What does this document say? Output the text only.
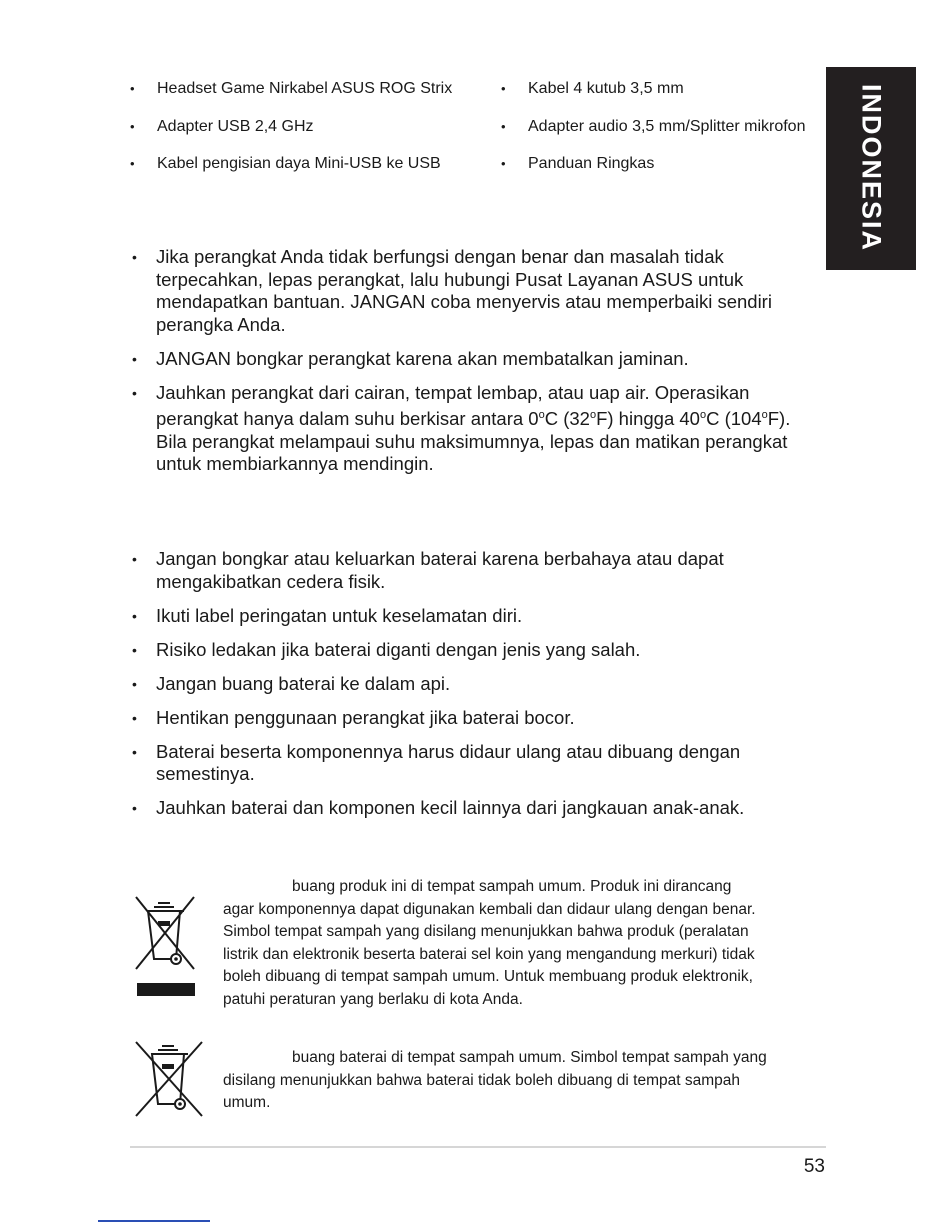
INDONESIA
• Headset Game Nirkabel ASUS ROG Strix
• Adapter USB 2,4 GHz
• Kabel pengisian daya Mini-USB ke USB
• Kabel 4 kutub 3,5 mm
• Adapter audio 3,5 mm/Splitter mikrofon
• Panduan Ringkas
• Jika perangkat Anda tidak berfungsi dengan benar dan masalah tidak terpecahkan, lepas perangkat, lalu hubungi Pusat Layanan ASUS untuk mendapatkan bantuan. JANGAN coba menyervis atau memperbaiki sendiri perangka Anda.
• JANGAN bongkar perangkat karena akan membatalkan jaminan.
• Jauhkan perangkat dari cairan, tempat lembap, atau uap air. Operasikan perangkat hanya dalam suhu berkisar antara 0$^o$C (32$^o$F) hingga 40$^o$C (104$^o$F). Bila perangkat melampaui suhu maksimumnya, lepas dan matikan perangkat untuk membiarkannya mendingin.
• Jangan bongkar atau keluarkan baterai karena berbahaya atau dapat mengakibatkan cedera fisik.
• Ikuti label peringatan untuk keselamatan diri.
• Risiko ledakan jika baterai diganti dengan jenis yang salah.
• Jangan buang baterai ke dalam api.
• Hentikan penggunaan perangkat jika baterai bocor.
• Baterai beserta komponennya harus didaur ulang atau dibuang dengan semestinya.
• Jauhkan baterai dan komponen kecil lainnya dari jangkauan anak-anak.
buang produk ini di tempat sampah umum. Produk ini dirancang
agar komponennya dapat digunakan kembali dan didaur ulang dengan benar.
Simbol tempat sampah yang disilang menunjukkan bahwa produk (peralatan
listrik dan elektronik beserta baterai sel koin yang mengandung merkuri) tidak
boleh dibuang di tempat sampah umum. Untuk membuang produk elektronik,
patuhi peraturan yang berlaku di kota Anda.
buang baterai di tempat sampah umum. Simbol tempat sampah yang
disilang menunjukkan bahwa baterai tidak boleh dibuang di tempat sampah
umum.
53
